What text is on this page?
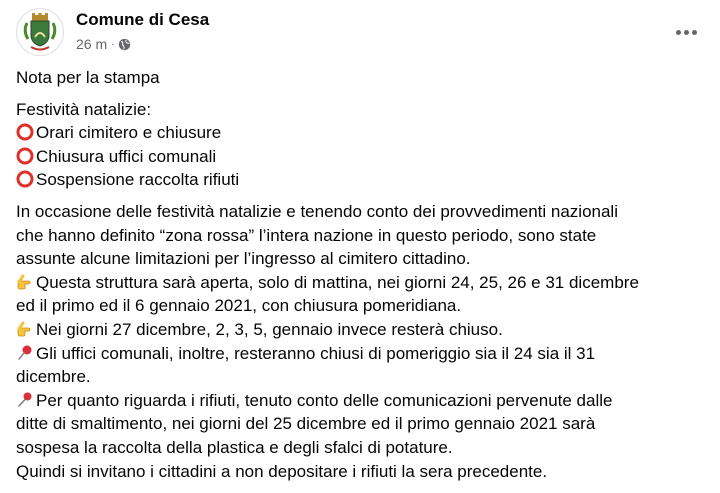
Comune di Cesa
26 m ·

Nota per la stampa

Festività natalizie:
Orari cimitero e chiusure
Chiusura uffici comunali
Sospensione raccolta rifiuti

In occasione delle festività natalizie e tenendo conto dei provvedimenti nazionali
che hanno definito “zona rossa” l’intera nazione in questo periodo, sono state
assunte alcune limitazioni per l’ingresso al cimitero cittadino.
Questa struttura sarà aperta, solo di mattina, nei giorni 24, 25, 26 e 31 dicembre
ed il primo ed il 6 gennaio 2021, con chiusura pomeridiana.
Nei giorni 27 dicembre, 2, 3, 5, gennaio invece resterà chiuso.
Gli uffici comunali, inoltre, resteranno chiusi di pomeriggio sia il 24 sia il 31
dicembre.
Per quanto riguarda i rifiuti, tenuto conto delle comunicazioni pervenute dalle
ditte di smaltimento, nei giorni del 25 dicembre ed il primo gennaio 2021 sarà
sospesa la raccolta della plastica e degli sfalci di potature.
Quindi si invitano i cittadini a non depositare i rifiuti la sera precedente.
